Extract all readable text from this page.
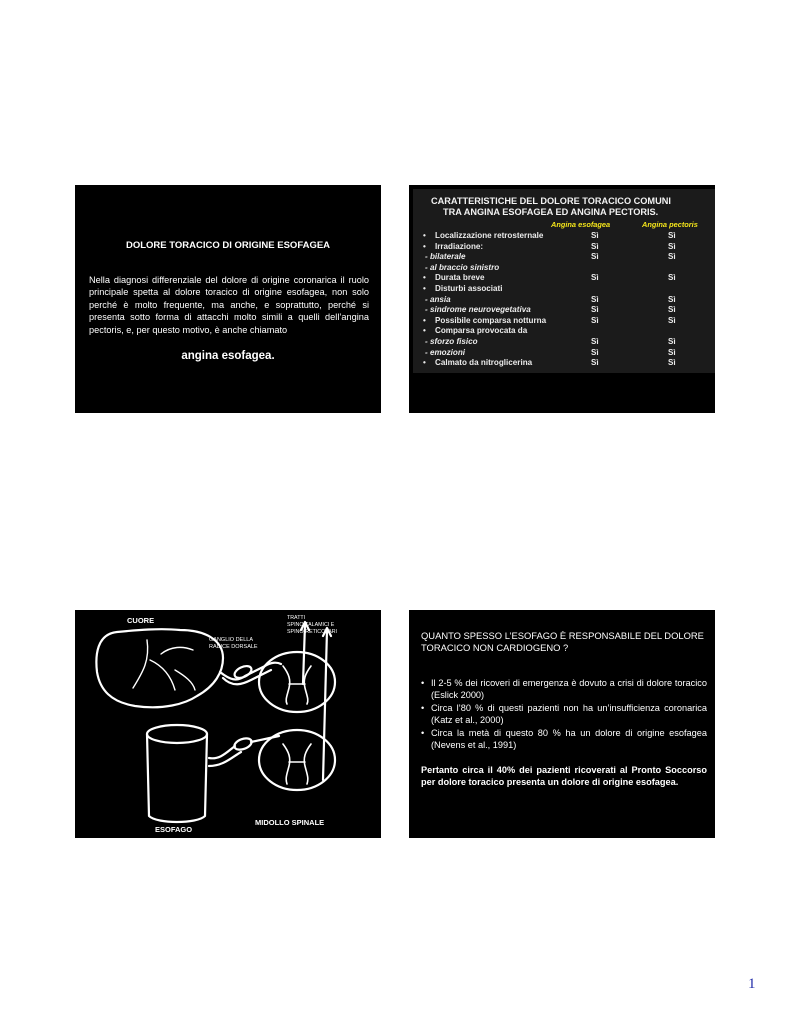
DOLORE TORACICO DI ORIGINE ESOFAGEA
Nella diagnosi differenziale del dolore di origine coronarica il ruolo principale spetta al dolore toracico di origine esofagea, non solo perché è molto frequente, ma anche, e soprattutto, perché si presenta sotto forma di attacchi molto simili a quelli dell’angina pectoris, e, per questo motivo, è anche chiamato
angina esofagea.
CARATTERISTICHE DEL DOLORE TORACICO COMUNI
TRA ANGINA ESOFAGEA ED ANGINA PECTORIS.
Angina esofagea	Angina pectoris
• Localizzazione retrosternale	Sì	Sì
• Irradiazione:	Sì	Sì
- bilaterale	Sì	Sì
- al braccio sinistro
• Durata breve	Sì	Sì
• Disturbi associati
- ansia	Sì	Sì
- sindrome neurovegetativa	Sì	Sì
• Possibile comparsa notturna	Sì	Sì
• Comparsa provocata da
- sforzo fisico	Sì	Sì
- emozioni	Sì	Sì
• Calmato da nitroglicerina	Sì	Sì
CUORE
GANGLIO DELLA
RADICE DORSALE
TRATTI
SPINO-TALAMICI E
SPINO-RETICOLARI
ESOFAGO
MIDOLLO SPINALE
QUANTO SPESSO L’ESOFAGO È RESPONSABILE DEL DOLORE TORACICO NON CARDIOGENO ?
• Il 2-5 % dei ricoveri di emergenza è dovuto a crisi di dolore toracico (Eslick 2000)
• Circa l’80 % di questi pazienti non ha un’insufficienza coronarica (Katz et al., 2000)
• Circa la metà di questo 80 % ha un dolore di origine esofagea (Nevens et al., 1991)
Pertanto circa il 40% dei pazienti ricoverati al Pronto Soccorso per dolore toracico presenta un dolore di origine esofagea.
1
